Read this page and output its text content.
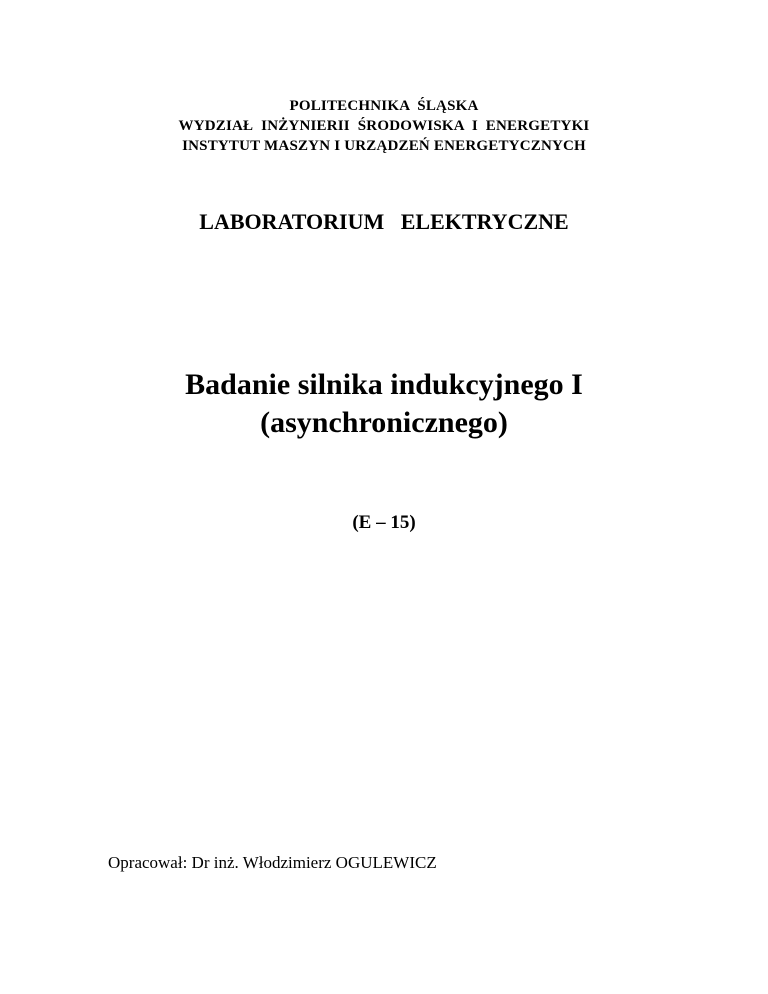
POLITECHNIKA  ŚLĄSKA
WYDZIAŁ  INŻYNIERII  ŚRODOWISKA  I  ENERGETYKI
INSTYTUT MASZYN I URZĄDZEŃ ENERGETYCZNYCH
LABORATORIUM   ELEKTRYCZNE
Badanie silnika indukcyjnego I
(asynchronicznego)
(E – 15)
Opracował: Dr inż. Włodzimierz OGULEWICZ
